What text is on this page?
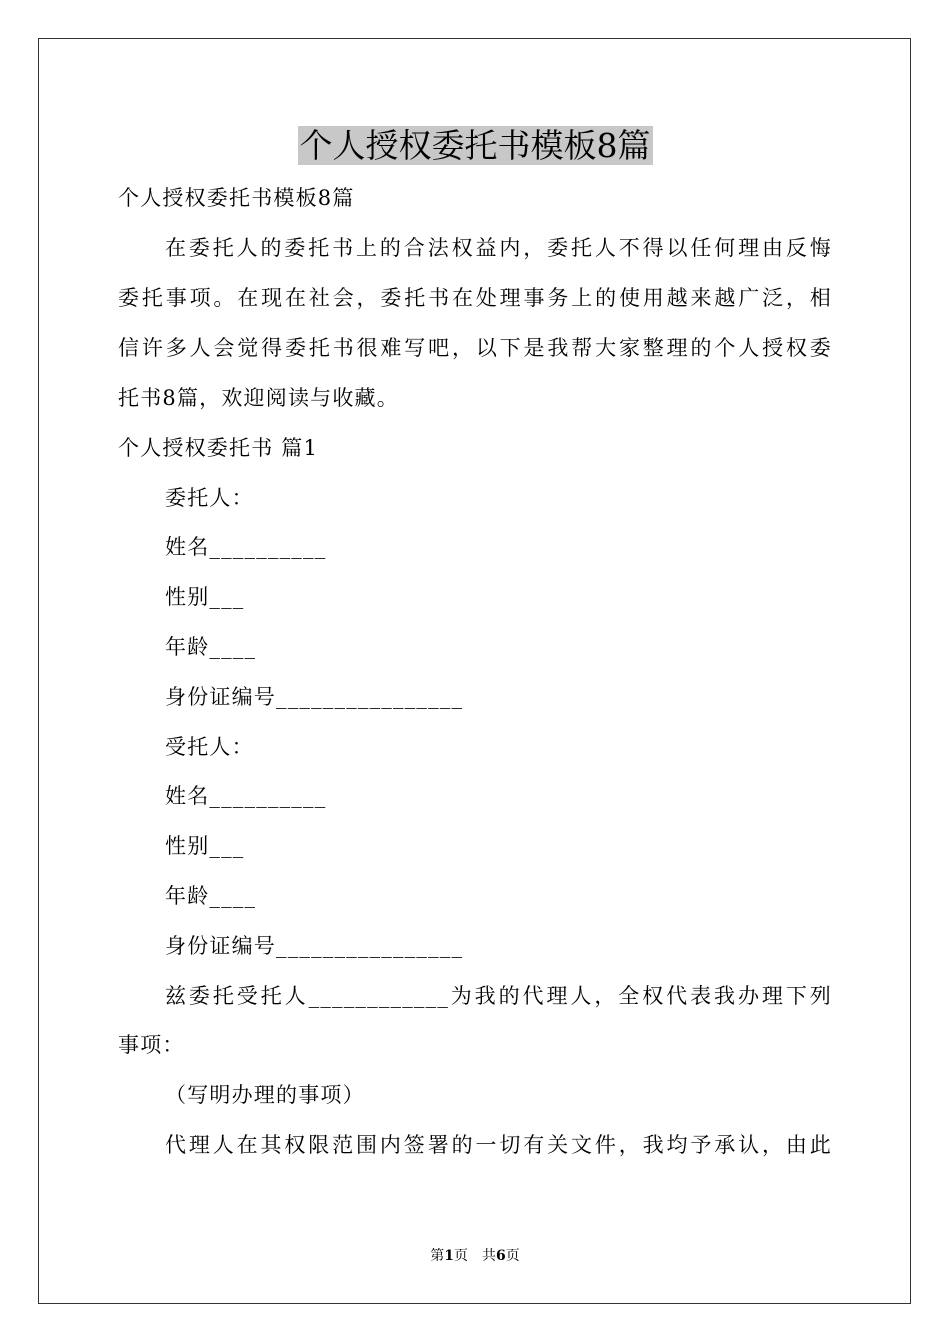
个人授权委托书模板8篇
个人授权委托书模板8篇
在委托人的委托书上的合法权益内，委托人不得以任何理由反悔
委托事项。在现在社会，委托书在处理事务上的使用越来越广泛，相
信许多人会觉得委托书很难写吧，以下是我帮大家整理的个人授权委
托书8篇，欢迎阅读与收藏。
个人授权委托书 篇1
委托人：
姓名__________
性别___
年龄____
身份证编号________________
受托人：
姓名__________
性别___
年龄____
身份证编号________________
兹委托受托人____________为我的代理人，全权代表我办理下列
事项：
（写明办理的事项）
代理人在其权限范围内签署的一切有关文件，我均予承认，由此
第1页　共6页
